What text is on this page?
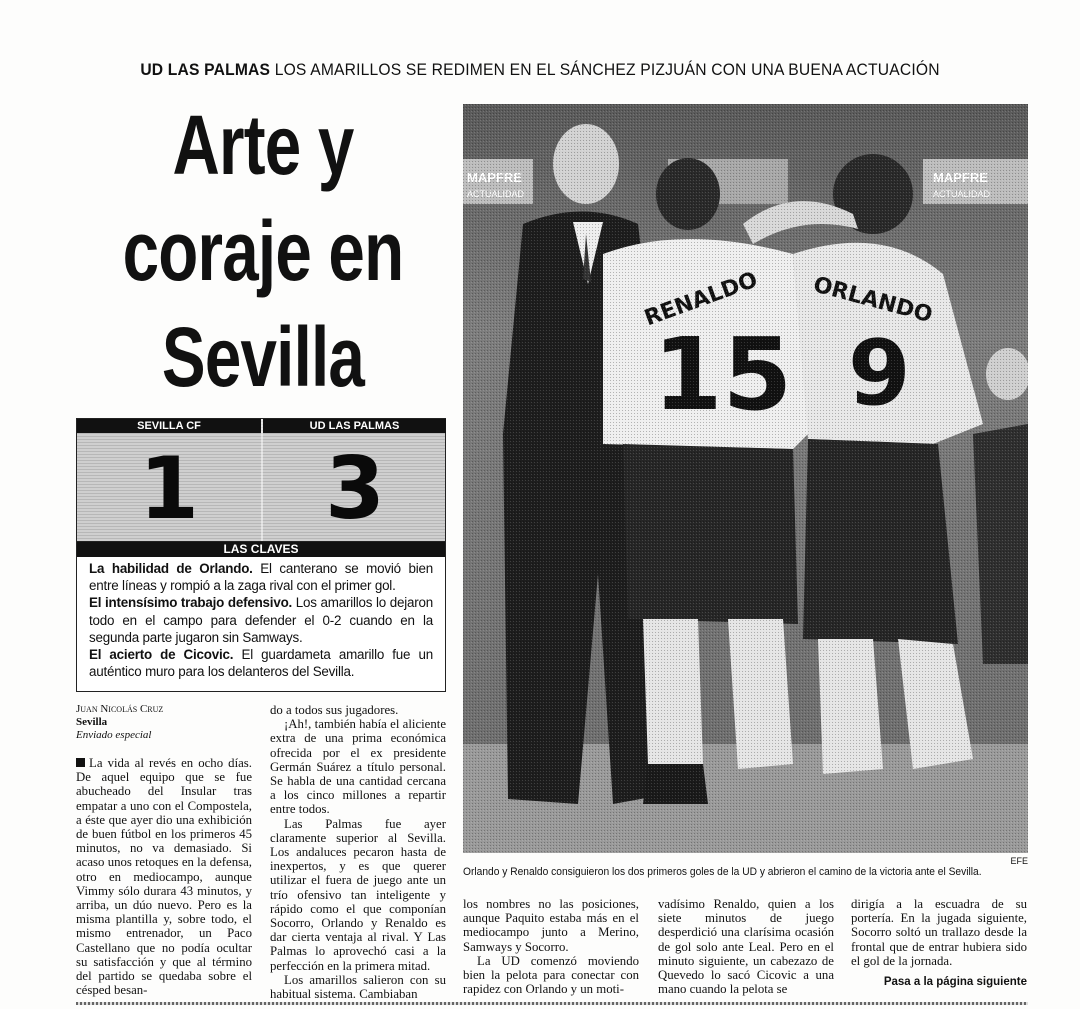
UD LAS PALMAS LOS AMARILLOS SE REDIMEN EN EL SÁNCHEZ PIZJUÁN CON UNA BUENA ACTUACIÓN
Arte y
coraje en
Sevilla
SEVILLA CF	UD LAS PALMAS
1	3
LAS CLAVES
La habilidad de Orlando. El canterano se movió bien entre líneas y rompió a la zaga rival con el primer gol.
El intensísimo trabajo defensivo. Los amarillos lo dejaron todo en el campo para defender el 0-2 cuando en la segunda parte jugaron sin Samways.
El acierto de Cicovic. El guardameta amarillo fue un auténtico muro para los delanteros del Sevilla.
Juan Nicolás Cruz
Sevilla
Enviado especial

La vida al revés en ocho días. De aquel equipo que se fue abucheado del Insular tras empatar a uno con el Compostela, a éste que ayer dio una exhibición de buen fútbol en los primeros 45 minutos, no va demasiado. Si acaso unos retoques en la defensa, otro en mediocampo, aunque Vimmy sólo durara 43 minutos, y arriba, un dúo nuevo. Pero es la misma plantilla y, sobre todo, el mismo entrenador, un Paco Castellano que no podía ocultar su satisfacción y que al término del partido se quedaba sobre el césped besan-

do a todos sus jugadores.

¡Ah!, también había el aliciente extra de una prima económica ofrecida por el ex presidente Germán Suárez a título personal. Se habla de una cantidad cercana a los cinco millones a repartir entre todos.

Las Palmas fue ayer claramente superior al Sevilla. Los andaluces pecaron hasta de inexpertos, y es que querer utilizar el fuera de juego ante un trío ofensivo tan inteligente y rápido como el que componían Socorro, Orlando y Renaldo es dar cierta ventaja al rival. Y Las Palmas lo aprovechó casi a la perfección en la primera mitad.

Los amarillos salieron con su habitual sistema. Cambiaban

los nombres no las posiciones, aunque Paquito estaba más en el mediocampo junto a Merino, Samways y Socorro.

La UD comenzó moviendo bien la pelota para conectar con rapidez con Orlando y un moti-

vadísimo Renaldo, quien a los siete minutos de juego desperdició una clarísima ocasión de gol solo ante Leal. Pero en el minuto siguiente, un cabezazo de Quevedo lo sacó Cicovic a una mano cuando la pelota se

dirigía a la escuadra de su portería. En la jugada siguiente, Socorro soltó un trallazo desde la frontal que de entrar hubiera sido el gol de la jornada.

Pasa a la página siguiente
EFE
Orlando y Renaldo consiguieron los dos primeros goles de la UD y abrieron el camino de la victoria ante el Sevilla.
